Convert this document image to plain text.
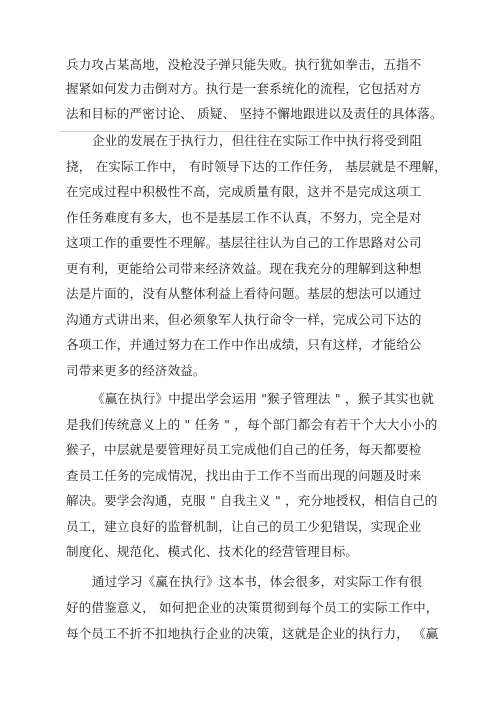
兵力攻占某高地，没枪没子弹只能失败。执行犹如拳击，五指不
握紧如何发力击倒对方。执行是一套系统化的流程，它包括对方
法和目标的严密讨论、 质疑、 坚持不懈地跟进以及责任的具体落。
企业的发展在于执行力，但往往在实际工作中执行将受到阻
挠， 在实际工作中， 有时领导下达的工作任务， 基层就是不理解，
在完成过程中积极性不高，完成质量有限，这并不是完成这项工
作任务难度有多大，也不是基层工作不认真，不努力，完全是对
这项工作的重要性不理解。基层往往认为自己的工作思路对公司
更有利，更能给公司带来经济效益。现在我充分的理解到这种想
法是片面的，没有从整体利益上看待问题。基层的想法可以通过
沟通方式讲出来，但必须象军人执行命令一样，完成公司下达的
各项工作，并通过努力在工作中作出成绩，只有这样，才能给公
司带来更多的经济效益。
《赢在执行》中提出学会运用 "猴子管理法 " ，猴子其实也就
是我们传统意义上的 " 任务 " ，每个部门都会有若干个大大小小的
猴子，中层就是要管理好员工完成他们自己的任务，每天都要检
查员工任务的完成情况，找出由于工作不当而出现的问题及时来
解决。要学会沟通，克服 " 自我主义 " ，充分地授权，相信自己的
员工，建立良好的监督机制，让自己的员工少犯错误，实现企业
制度化、规范化、模式化、技术化的经营管理目标。
通过学习《赢在执行》这本书，体会很多，对实际工作有很
好的借鉴意义， 如何把企业的决策贯彻到每个员工的实际工作中，
每个员工不折不扣地执行企业的决策，这就是企业的执行力， 《赢
